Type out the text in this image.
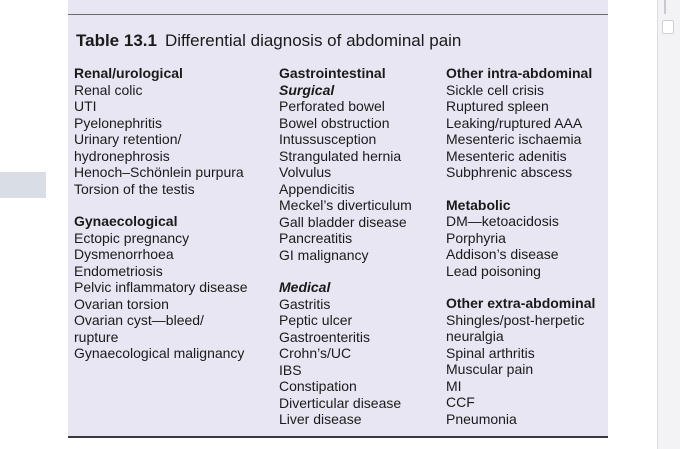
Table 13.1 Differential diagnosis of abdominal pain
Renal/urological
Renal colic
UTI
Pyelonephritis
Urinary retention/
hydronephrosis
Henoch–Schönlein purpura
Torsion of the testis
Gynaecological
Ectopic pregnancy
Dysmenorrhoea
Endometriosis
Pelvic inflammatory disease
Ovarian torsion
Ovarian cyst—bleed/
rupture
Gynaecological malignancy
Gastrointestinal
Surgical
Perforated bowel
Bowel obstruction
Intussusception
Strangulated hernia
Volvulus
Appendicitis
Meckel’s diverticulum
Gall bladder disease
Pancreatitis
GI malignancy
Medical
Gastritis
Peptic ulcer
Gastroenteritis
Crohn’s/UC
IBS
Constipation
Diverticular disease
Liver disease
Other intra-abdominal
Sickle cell crisis
Ruptured spleen
Leaking/ruptured AAA
Mesenteric ischaemia
Mesenteric adenitis
Subphrenic abscess
Metabolic
DM—ketoacidosis
Porphyria
Addison’s disease
Lead poisoning
Other extra-abdominal
Shingles/post-herpetic
neuralgia
Spinal arthritis
Muscular pain
MI
CCF
Pneumonia
